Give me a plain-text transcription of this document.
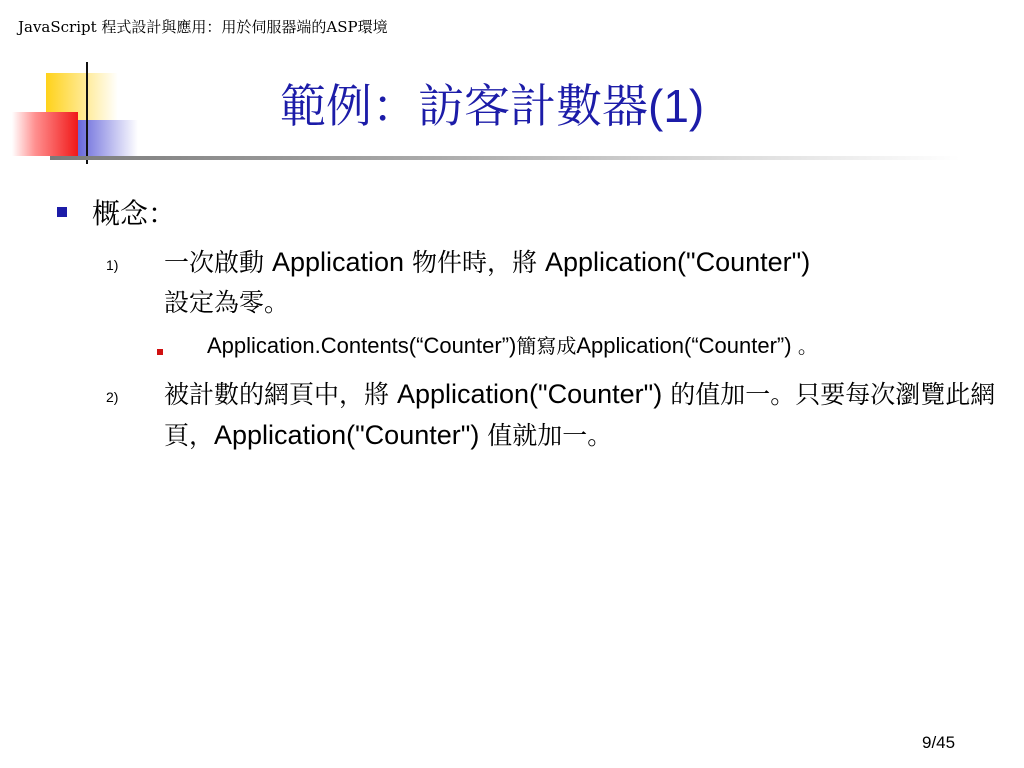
JavaScript 程式設計與應用：用於伺服器端的ASP環境
範例：訪客計數器(1)
概念：
1) 一次啟動 Application 物件時，將 Application("Counter")
設定為零。
Application.Contents(“Counter”)簡寫成Application(“Counter”) 。
2) 被計數的網頁中，將 Application("Counter") 的值加一。只要每次瀏覽此網頁，Application("Counter") 值就加一。
9/45
